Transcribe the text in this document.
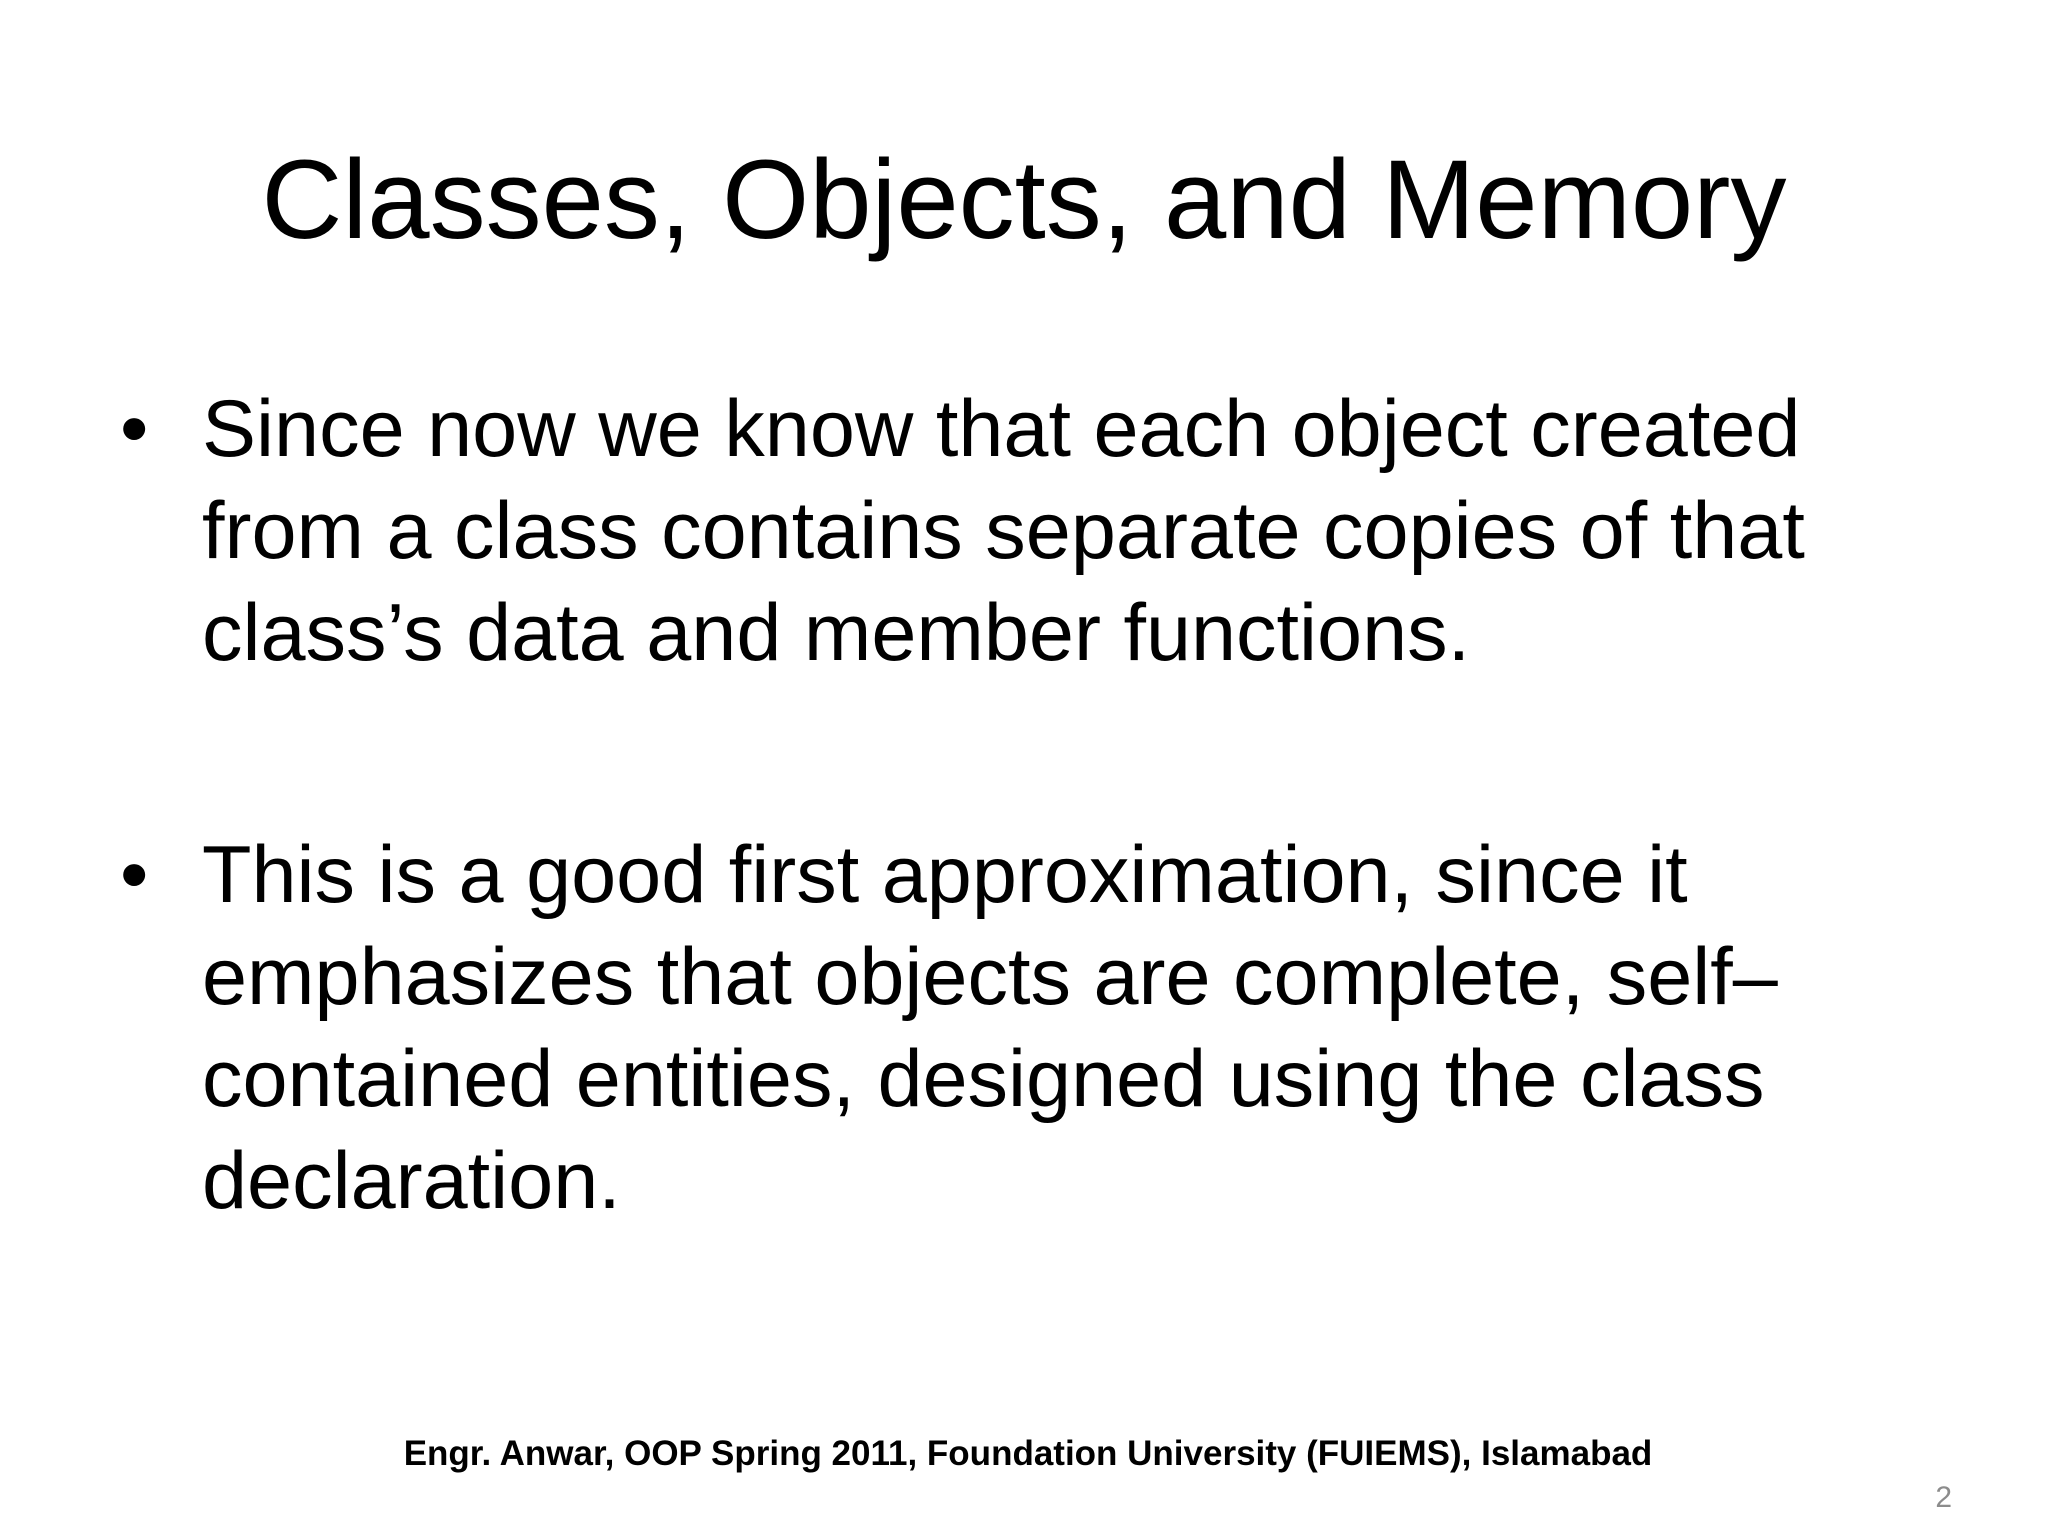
Classes, Objects, and Memory
• Since now we know that each object created from a class contains separate copies of that class’s data and member functions.
• This is a good first approximation, since it emphasizes that objects are complete, self–contained entities, designed using the class declaration.
Engr. Anwar, OOP Spring 2011, Foundation University (FUIEMS), Islamabad
2
